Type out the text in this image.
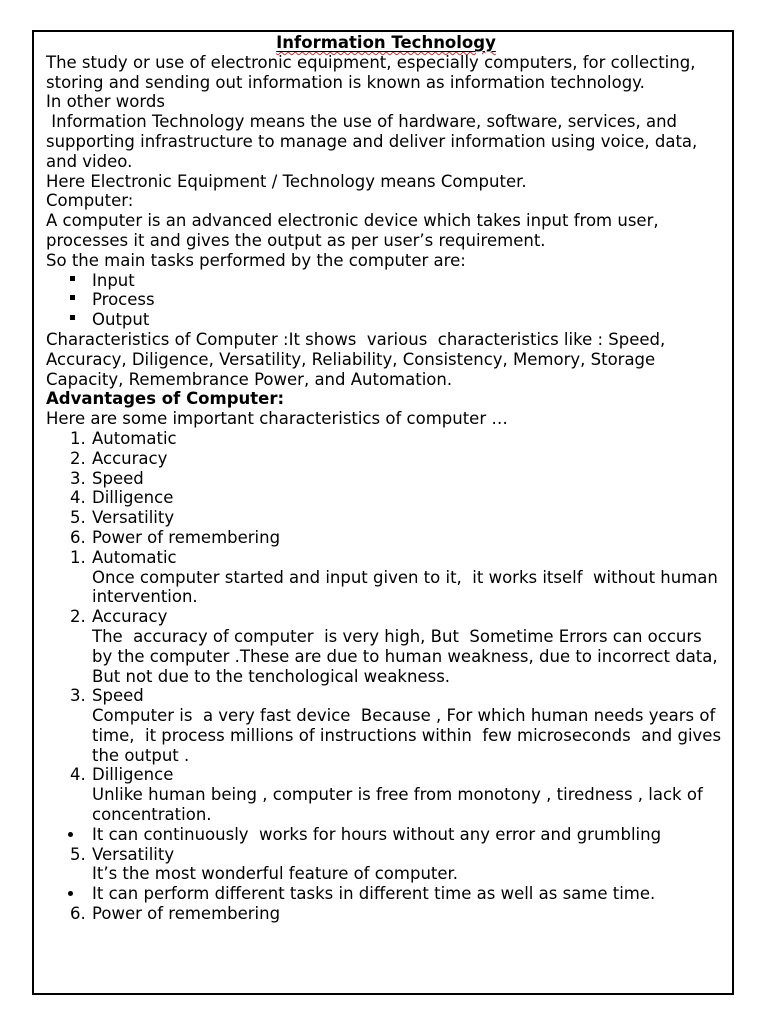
Information Technology

The study or use of electronic equipment, especially computers, for collecting, storing and sending out information is known as information technology.

In other words

Information Technology means the use of hardware, software, services, and supporting infrastructure to manage and deliver information using voice, data, and video.

Here Electronic Equipment / Technology means Computer.

Computer:

A computer is an advanced electronic device which takes input from user, processes it and gives the output as per user’s requirement.

So the main tasks performed by the computer are:

Input
Process
Output

Characteristics of Computer :It shows  various  characteristics like : Speed, Accuracy, Diligence, Versatility, Reliability, Consistency, Memory, Storage Capacity, Remembrance Power, and Automation.

Advantages of Computer:

Here are some important characteristics of computer …

1. Automatic
2. Accuracy
3. Speed
4. Dilligence
5. Versatility
6. Power of remembering
1. Automatic
Once computer started and input given to it,  it works itself  without human intervention.
2. Accuracy
The  accuracy of computer  is very high, But  Sometime Errors can occurs by the computer .These are due to human weakness, due to incorrect data, But not due to the tenchological weakness.
3. Speed
Computer is  a very fast device  Because , For which human needs years of time,  it process millions of instructions within  few microseconds  and gives the output .
4. Dilligence
Unlike human being , computer is free from monotony , tiredness , lack of concentration.
It can continuously  works for hours without any error and grumbling
5. Versatility
It’s the most wonderful feature of computer.
It can perform different tasks in different time as well as same time.
6. Power of remembering
